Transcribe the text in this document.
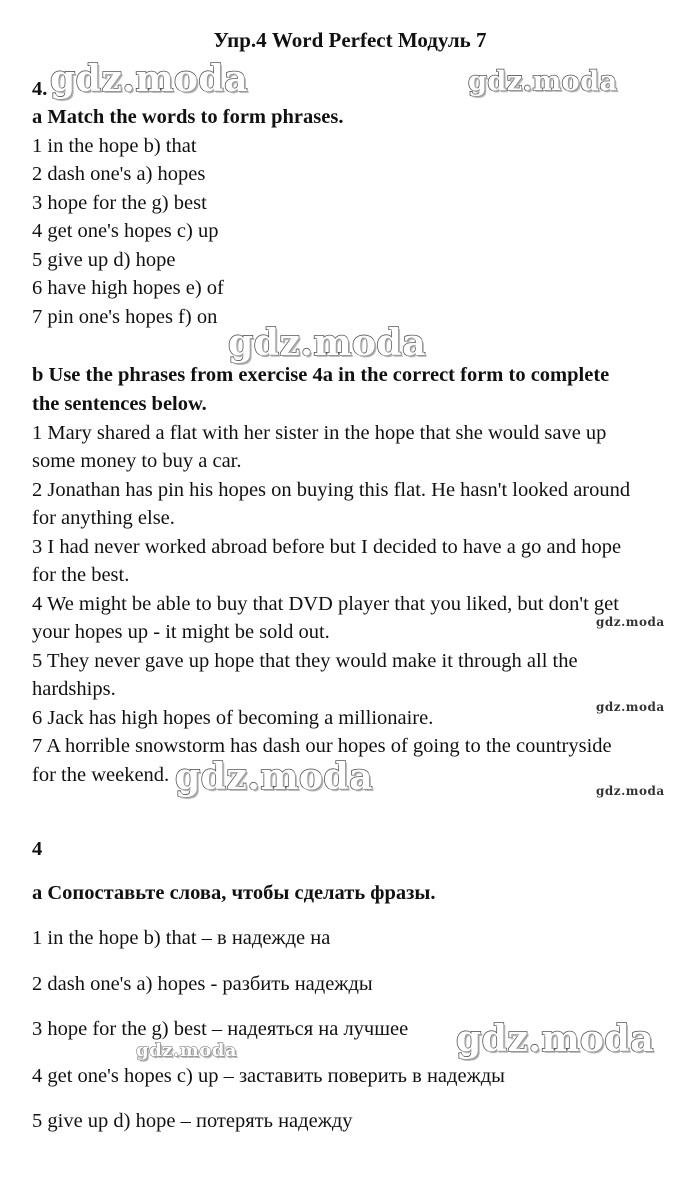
Упр.4 Word Perfect Модуль 7
4.
a Match the words to form phrases.
1 in the hope b) that
2 dash one's a) hopes
3 hope for the g) best
4 get one's hopes c) up
5 give up d) hope
6 have high hopes e) of
7 pin one's hopes f) on
b Use the phrases from exercise 4a in the correct form to complete
the sentences below.
1 Mary shared a flat with her sister in the hope that she would save up
some money to buy a car.
2 Jonathan has pin his hopes on buying this flat. He hasn't looked around
for anything else.
3 I had never worked abroad before but I decided to have a go and hope
for the best.
4 We might be able to buy that DVD player that you liked, but don't get
your hopes up - it might be sold out.
5 They never gave up hope that they would make it through all the
hardships.
6 Jack has high hopes of becoming a millionaire.
7 A horrible snowstorm has dash our hopes of going to the countryside
for the weekend.
4
а Сопоставьте слова, чтобы сделать фразы.
1 in the hope b) that – в надежде на
2 dash one's a) hopes - разбить надежды
3 hope for the g) best – надеяться на лучшее
4 get one's hopes c) up – заставить поверить в надежды
5 give up d) hope – потерять надежду
gdz.moda	gdz.moda
gdz.moda
gdz.moda
gdz.moda
gdz.moda	gdz.moda
gdz.moda
gdz.moda
